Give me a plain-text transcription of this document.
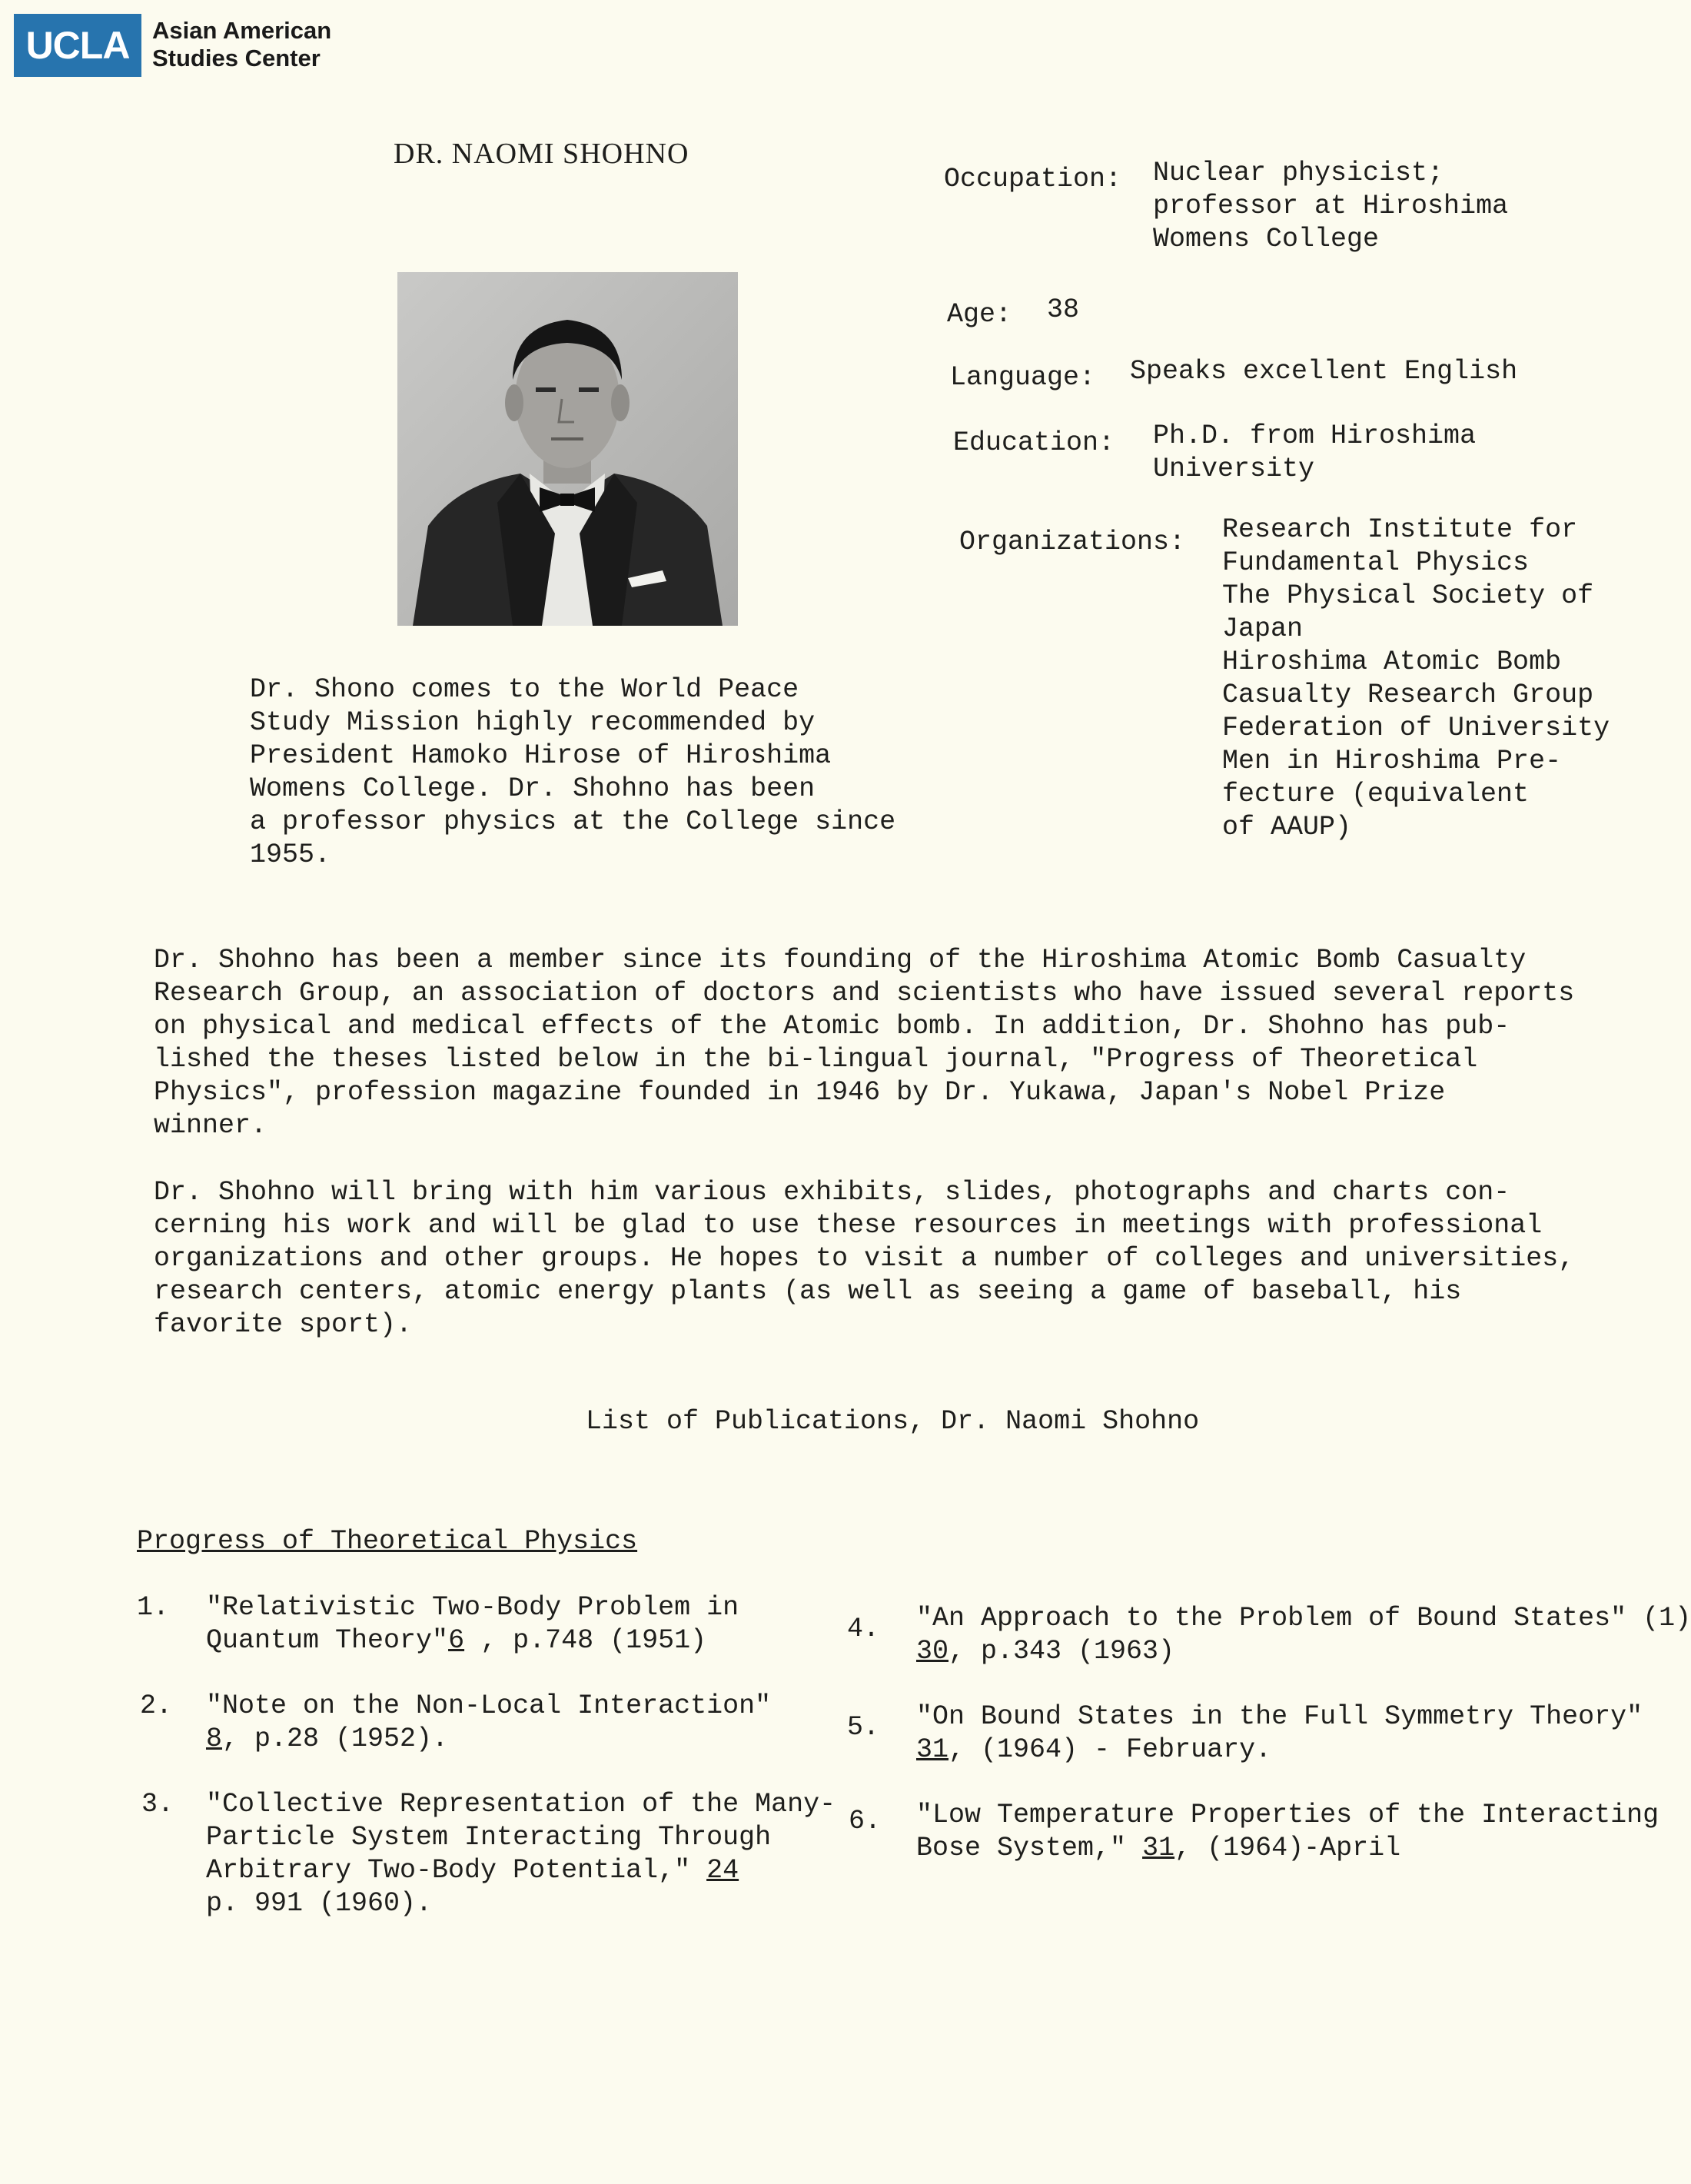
UCLA Asian American
Studies Center
DR. NAOMI SHOHNO
Occupation: Nuclear physicist;
professor at Hiroshima
Womens College
Age: 38
Language: Speaks excellent English
Education: Ph.D. from Hiroshima
University
Organizations: Research Institute for
Fundamental Physics
The Physical Society of
Japan
Hiroshima Atomic Bomb
Casualty Research Group
Federation of University
Men in Hiroshima Pre-
fecture (equivalent
of AAUP)
Dr. Shono comes to the World Peace
Study Mission highly recommended by
President Hamoko Hirose of Hiroshima
Womens College. Dr. Shohno has been
a professor physics at the College since
1955.
Dr. Shohno has been a member since its founding of the Hiroshima Atomic Bomb Casualty
Research Group, an association of doctors and scientists who have issued several reports
on physical and medical effects of the Atomic bomb. In addition, Dr. Shohno has pub-
lished the theses listed below in the bi-lingual journal, "Progress of Theoretical
Physics", profession magazine founded in 1946 by Dr. Yukawa, Japan's Nobel Prize
winner.
Dr. Shohno will bring with him various exhibits, slides, photographs and charts con-
cerning his work and will be glad to use these resources in meetings with professional
organizations and other groups. He hopes to visit a number of colleges and universities,
research centers, atomic energy plants (as well as seeing a game of baseball, his
favorite sport).
List of Publications, Dr. Naomi Shohno
Progress of Theoretical Physics
1. "Relativistic Two-Body Problem in
Quantum Theory"6 , p.748 (1951)
2. "Note on the Non-Local Interaction"
8, p.28 (1952).
3. "Collective Representation of the Many-
Particle System Interacting Through
Arbitrary Two-Body Potential," 24
p. 991 (1960).
4. "An Approach to the Problem of Bound States" (1)
30, p.343 (1963)
5. "On Bound States in the Full Symmetry Theory"
31, (1964) - February.
6. "Low Temperature Properties of the Interacting
Bose System," 31, (1964)-April
